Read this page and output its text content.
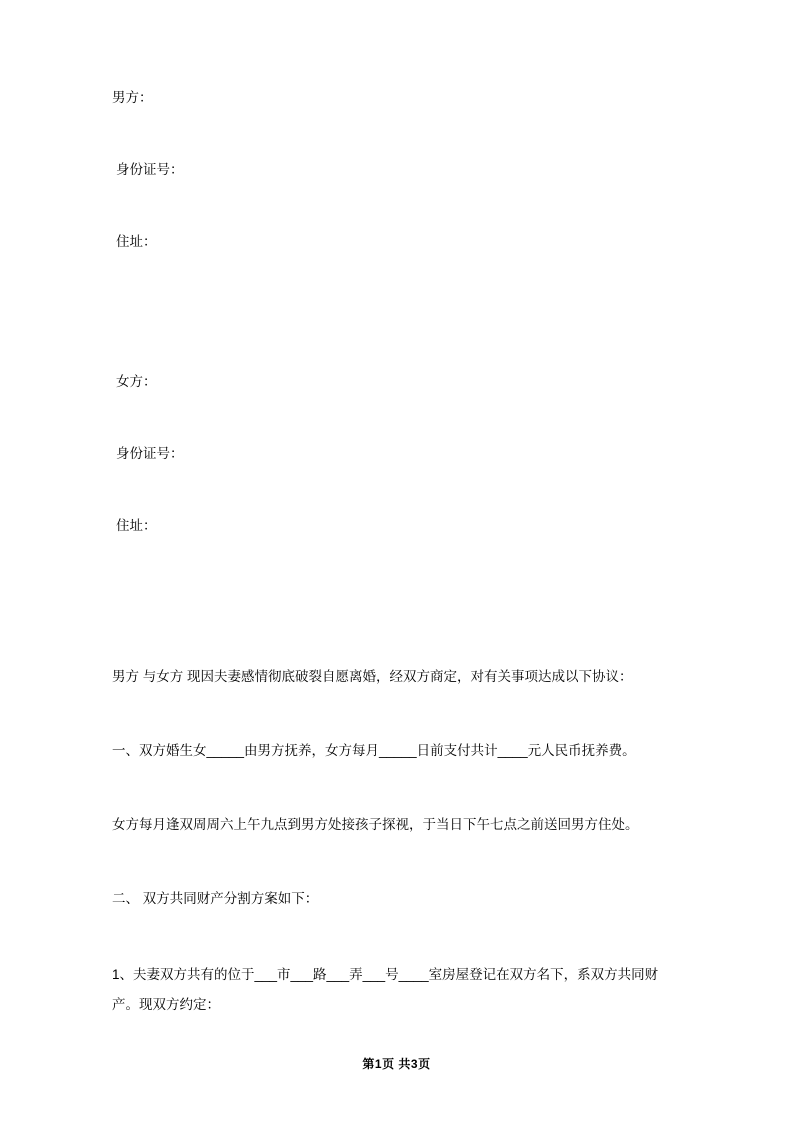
男方：
身份证号：
住址：
女方：
身份证号：
住址：
男方 与女方 现因夫妻感情彻底破裂自愿离婚，经双方商定，对有关事项达成以下协议：
一、双方婚生女_____由男方抚养，女方每月_____日前支付共计____元人民币抚养费。
女方每月逢双周周六上午九点到男方处接孩子探视，于当日下午七点之前送回男方住处。
二、 双方共同财产分割方案如下：
1、夫妻双方共有的位于___市___路___弄___号____室房屋登记在双方名下，系双方共同财产。现双方约定：
第1页 共3页
